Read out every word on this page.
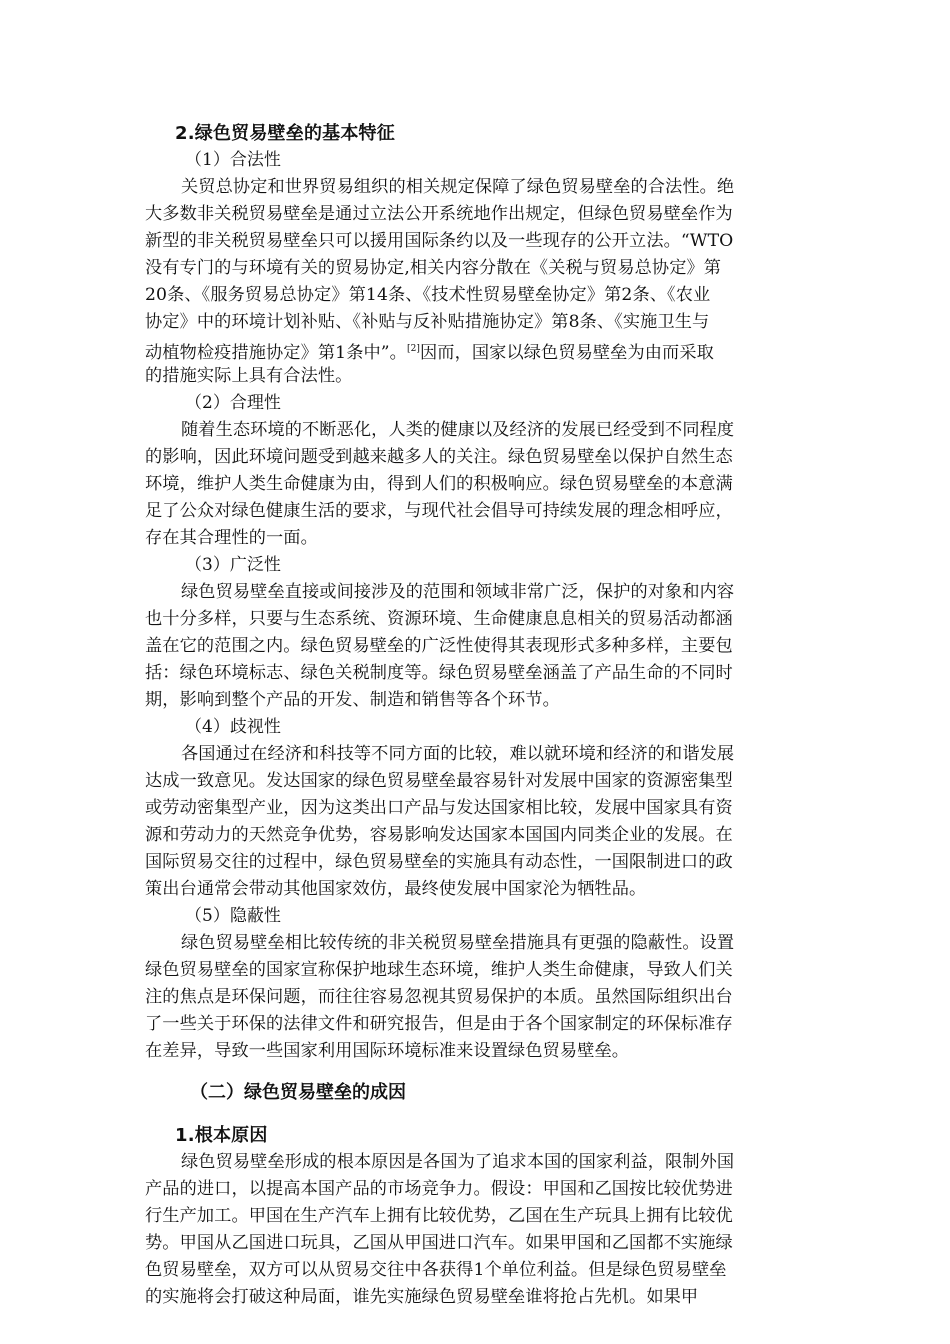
2.绿色贸易壁垒的基本特征
（1）合法性
关贸总协定和世界贸易组织的相关规定保障了绿色贸易壁垒的合法性。绝
大多数非关税贸易壁垒是通过立法公开系统地作出规定，但绿色贸易壁垒作为
新型的非关税贸易壁垒只可以援用国际条约以及一些现存的公开立法。“WTO
没有专门的与环境有关的贸易协定,相关内容分散在《关税与贸易总协定》第
20条、《服务贸易总协定》第14条、《技术性贸易壁垒协定》第2条、《农业
协定》中的环境计划补贴、《补贴与反补贴措施协定》第8条、《实施卫生与
动植物检疫措施协定》第1条中”。[2]因而，国家以绿色贸易壁垒为由而采取
的措施实际上具有合法性。
（2）合理性
随着生态环境的不断恶化，人类的健康以及经济的发展已经受到不同程度
的影响，因此环境问题受到越来越多人的关注。绿色贸易壁垒以保护自然生态
环境，维护人类生命健康为由，得到人们的积极响应。绿色贸易壁垒的本意满
足了公众对绿色健康生活的要求，与现代社会倡导可持续发展的理念相呼应，
存在其合理性的一面。
（3）广泛性
绿色贸易壁垒直接或间接涉及的范围和领域非常广泛，保护的对象和内容
也十分多样，只要与生态系统、资源环境、生命健康息息相关的贸易活动都涵
盖在它的范围之内。绿色贸易壁垒的广泛性使得其表现形式多种多样，主要包
括：绿色环境标志、绿色关税制度等。绿色贸易壁垒涵盖了产品生命的不同时
期，影响到整个产品的开发、制造和销售等各个环节。
（4）歧视性
各国通过在经济和科技等不同方面的比较，难以就环境和经济的和谐发展
达成一致意见。发达国家的绿色贸易壁垒最容易针对发展中国家的资源密集型
或劳动密集型产业，因为这类出口产品与发达国家相比较，发展中国家具有资
源和劳动力的天然竞争优势，容易影响发达国家本国国内同类企业的发展。在
国际贸易交往的过程中，绿色贸易壁垒的实施具有动态性，一国限制进口的政
策出台通常会带动其他国家效仿，最终使发展中国家沦为牺牲品。
（5）隐蔽性
绿色贸易壁垒相比较传统的非关税贸易壁垒措施具有更强的隐蔽性。设置
绿色贸易壁垒的国家宣称保护地球生态环境，维护人类生命健康，导致人们关
注的焦点是环保问题，而往往容易忽视其贸易保护的本质。虽然国际组织出台
了一些关于环保的法律文件和研究报告，但是由于各个国家制定的环保标准存
在差异，导致一些国家利用国际环境标准来设置绿色贸易壁垒。
（二）绿色贸易壁垒的成因
1.根本原因
绿色贸易壁垒形成的根本原因是各国为了追求本国的国家利益，限制外国
产品的进口，以提高本国产品的市场竞争力。假设：甲国和乙国按比较优势进
行生产加工。甲国在生产汽车上拥有比较优势，乙国在生产玩具上拥有比较优
势。甲国从乙国进口玩具，乙国从甲国进口汽车。如果甲国和乙国都不实施绿
色贸易壁垒，双方可以从贸易交往中各获得1个单位利益。但是绿色贸易壁垒
的实施将会打破这种局面，谁先实施绿色贸易壁垒谁将抢占先机。如果甲
